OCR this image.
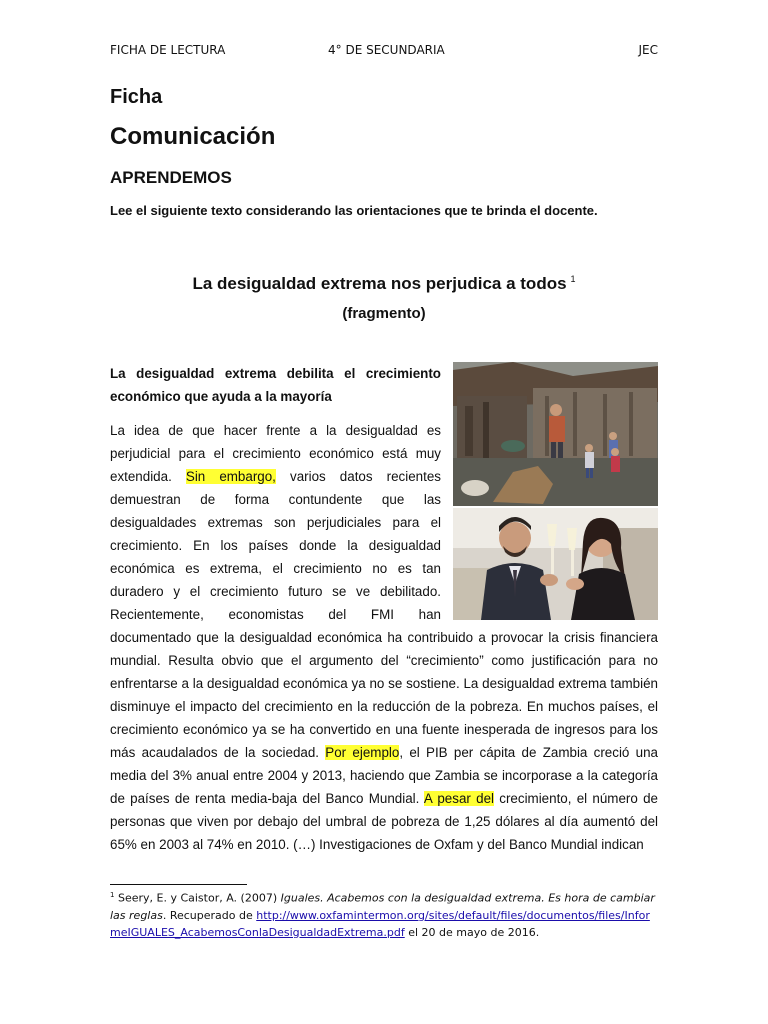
FICHA DE LECTURA	4° DE SECUNDARIA	JEC
Ficha
Comunicación
APRENDEMOS
Lee el siguiente texto considerando las orientaciones que te brinda el docente.
La desigualdad extrema nos perjudica a todos $^1$
(fragmento)
La desigualdad extrema debilita el crecimiento económico que ayuda a la mayoría

La idea de que hacer frente a la desigualdad es perjudicial para el crecimiento económico está muy extendida. Sin embargo, varios datos recientes demuestran de forma contundente que las desigualdades extremas son perjudiciales para el crecimiento. En los países donde la desigualdad económica es extrema, el crecimiento no es tan duradero y el crecimiento futuro se ve debilitado. Recientemente, economistas del FMI han documentado que la desigualdad económica ha contribuido a provocar la crisis financiera mundial. Resulta obvio que el argumento del “crecimiento” como justificación para no enfrentarse a la desigualdad económica ya no se sostiene. La desigualdad extrema también disminuye el impacto del crecimiento en la reducción de la pobreza. En muchos países, el crecimiento económico ya se ha convertido en una fuente inesperada de ingresos para los más acaudalados de la sociedad. Por ejemplo, el PIB per cápita de Zambia creció una media del 3% anual entre 2004 y 2013, haciendo que Zambia se incorporase a la categoría de países de renta media-baja del Banco Mundial. A pesar del crecimiento, el número de personas que viven por debajo del umbral de pobreza de 1,25 dólares al día aumentó del 65% en 2003 al 74% en 2010. (…) Investigaciones de Oxfam y del Banco Mundial indican

$^1$ Seery, E. y Caistor, A. (2007) Iguales. Acabemos con la desigualdad extrema. Es hora de cambiar las reglas. Recuperado de http://www.oxfamintermon.org/sites/default/files/documentos/files/InformeIGUALES_AcabemosConlaDesigualdadExtrema.pdf el 20 de mayo de 2016.
